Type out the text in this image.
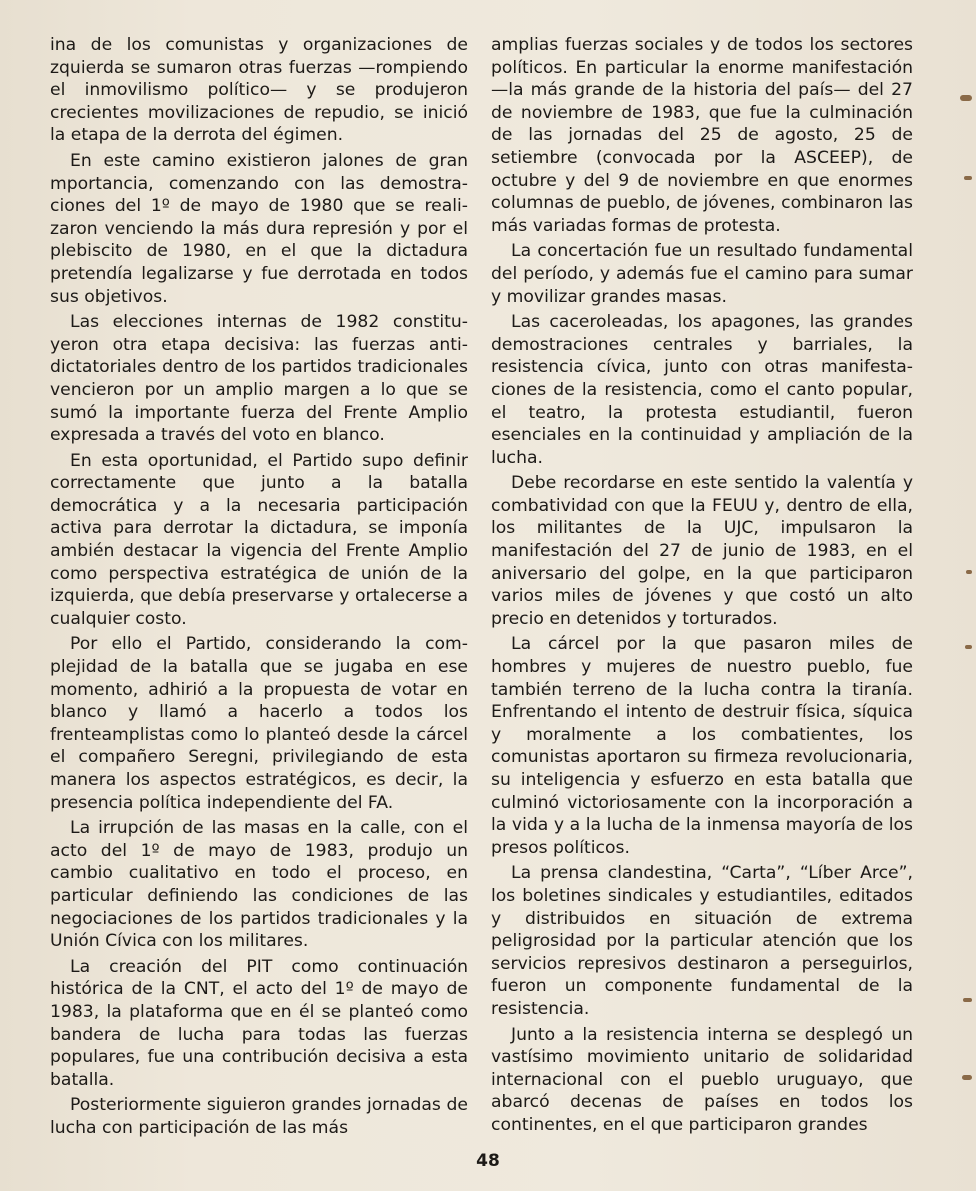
ina de los comunistas y organizaciones de zquierda se sumaron otras fuerzas —rompiendo el inmovilismo político— y se produjeron crecientes movilizaciones de repudio, se inició la etapa de la derrota del égimen.

En este camino existieron jalones de gran mportancia, comenzando con las demostraciones del 1º de mayo de 1980 que se realizaron venciendo la más dura represión y por el plebiscito de 1980, en el que la dictadura pretendía legalizarse y fue derrotada en todos sus objetivos.

Las elecciones internas de 1982 constituyeron otra etapa decisiva: las fuerzas antidictatoriales dentro de los partidos tradicionales vencieron por un amplio margen a lo que se sumó la importante fuerza del Frente Amplio expresada a través del voto en blanco.

En esta oportunidad, el Partido supo definir correctamente que junto a la batalla democrática y a la necesaria participación activa para derrotar la dictadura, se imponía ambién destacar la vigencia del Frente Amplio como perspectiva estratégica de unión de la izquierda, que debía preservarse y ortalecerse a cualquier costo.

Por ello el Partido, considerando la complejidad de la batalla que se jugaba en ese momento, adhirió a la propuesta de votar en blanco y llamó a hacerlo a todos los frenteamplistas como lo planteó desde la cárcel el compañero Seregni, privilegiando de esta manera los aspectos estratégicos, es decir, la presencia política independiente del FA.

La irrupción de las masas en la calle, con el acto del 1º de mayo de 1983, produjo un cambio cualitativo en todo el proceso, en particular definiendo las condiciones de las negociaciones de los partidos tradicionales y la Unión Cívica con los militares.

La creación del PIT como continuación histórica de la CNT, el acto del 1º de mayo de 1983, la plataforma que en él se planteó como bandera de lucha para todas las fuerzas populares, fue una contribución decisiva a esta batalla.

Posteriormente siguieron grandes jornadas de lucha con participación de las más

amplias fuerzas sociales y de todos los sectores políticos. En particular la enorme manifestación —la más grande de la historia del país— del 27 de noviembre de 1983, que fue la culminación de las jornadas del 25 de agosto, 25 de setiembre (convocada por la ASCEEP), de octubre y del 9 de noviembre en que enormes columnas de pueblo, de jóvenes, combinaron las más variadas formas de protesta.

La concertación fue un resultado fundamental del período, y además fue el camino para sumar y movilizar grandes masas.

Las caceroleadas, los apagones, las grandes demostraciones centrales y barriales, la resistencia cívica, junto con otras manifestaciones de la resistencia, como el canto popular, el teatro, la protesta estudiantil, fueron esenciales en la continuidad y ampliación de la lucha.

Debe recordarse en este sentido la valentía y combatividad con que la FEUU y, dentro de ella, los militantes de la UJC, impulsaron la manifestación del 27 de junio de 1983, en el aniversario del golpe, en la que participaron varios miles de jóvenes y que costó un alto precio en detenidos y torturados.

La cárcel por la que pasaron miles de hombres y mujeres de nuestro pueblo, fue también terreno de la lucha contra la tiranía. Enfrentando el intento de destruir física, síquica y moralmente a los combatientes, los comunistas aportaron su firmeza revolucionaria, su inteligencia y esfuerzo en esta batalla que culminó victoriosamente con la incorporación a la vida y a la lucha de la inmensa mayoría de los presos políticos.

La prensa clandestina, “Carta”, “Líber Arce”, los boletines sindicales y estudiantiles, editados y distribuidos en situación de extrema peligrosidad por la particular atención que los servicios represivos destinaron a perseguirlos, fueron un componente fundamental de la resistencia.

Junto a la resistencia interna se desplegó un vastísimo movimiento unitario de solidaridad internacional con el pueblo uruguayo, que abarcó decenas de países en todos los continentes, en el que participaron grandes

48
